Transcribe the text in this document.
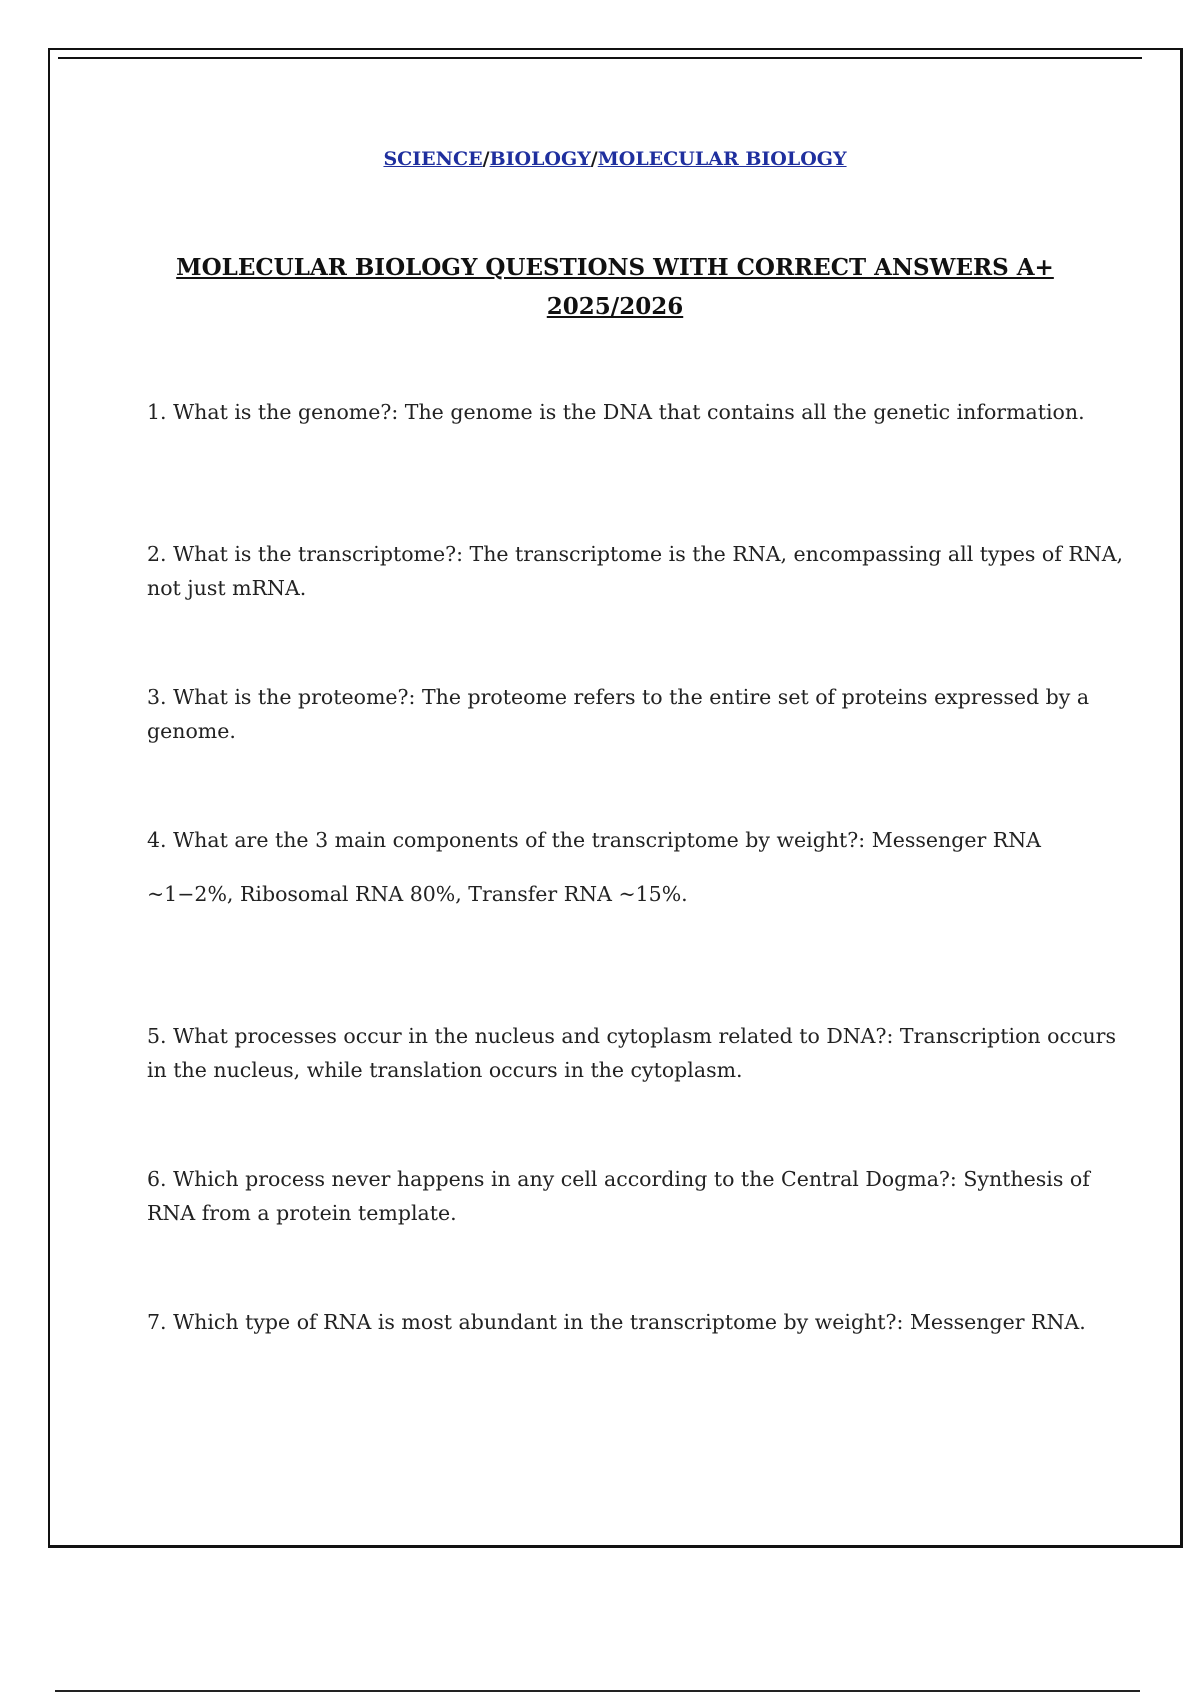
SCIENCE/BIOLOGY/MOLECULAR BIOLOGY
MOLECULAR BIOLOGY QUESTIONS WITH CORRECT ANSWERS A+
2025/2026

1. What is the genome?: The genome is the DNA that contains all the genetic information.

2. What is the transcriptome?: The transcriptome is the RNA, encompassing all types of RNA, not just mRNA.

3. What is the proteome?: The proteome refers to the entire set of proteins expressed by a genome.

4. What are the 3 main components of the transcriptome by weight?: Messenger RNA

~1−2%, Ribosomal RNA 80%, Transfer RNA ~15%.

5. What processes occur in the nucleus and cytoplasm related to DNA?: Transcription occurs in the nucleus, while translation occurs in the cytoplasm.

6. Which process never happens in any cell according to the Central Dogma?: Synthesis of RNA from a protein template.

7. Which type of RNA is most abundant in the transcriptome by weight?: Messenger RNA.
